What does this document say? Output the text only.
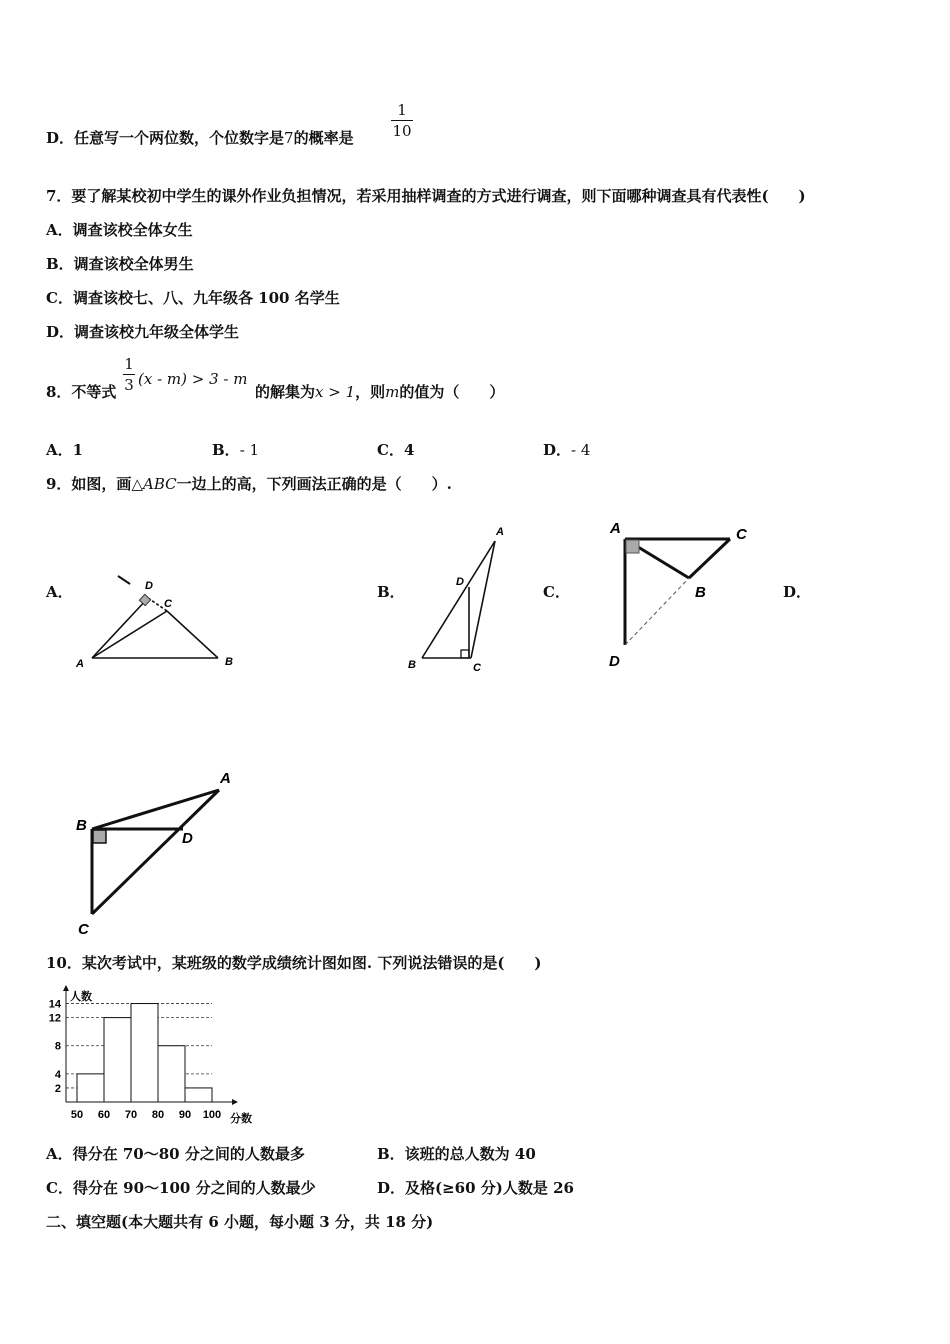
D．任意写一个两位数，个位数字是7的概率是
1
10
7．要了解某校初中学生的课外作业负担情况，若采用抽样调查的方式进行调查，则下面哪种调查具有代表性(　　)
A．调查该校全体女生
B．调查该校全体男生
C．调查该校七、八、九年级各 100 名学生
D．调查该校九年级全体学生
8．不等式
1
3 (x - m) > 3 - m
的解集为x > 1，则m的值为（　　）
A．1	B．- 1	C．4	D．- 4
9．如图，画△ABC一边上的高，下列画法正确的是（　　）.
A．	B．	C．	D．
A	B
C
D
A
B	C
D
A	C
B
D
A
B
D
C
10．某次考试中，某班级的数学成绩统计图如图. 下列说法错误的是(　　)
2
4
8
12
14
50 60 70 80 90 100
人数
分数
A．得分在 70～80 分之间的人数最多	B．该班的总人数为 40
C．得分在 90～100 分之间的人数最少	D．及格(≥60 分)人数是 26
二、填空题(本大题共有 6 小题，每小题 3 分，共 18 分)
